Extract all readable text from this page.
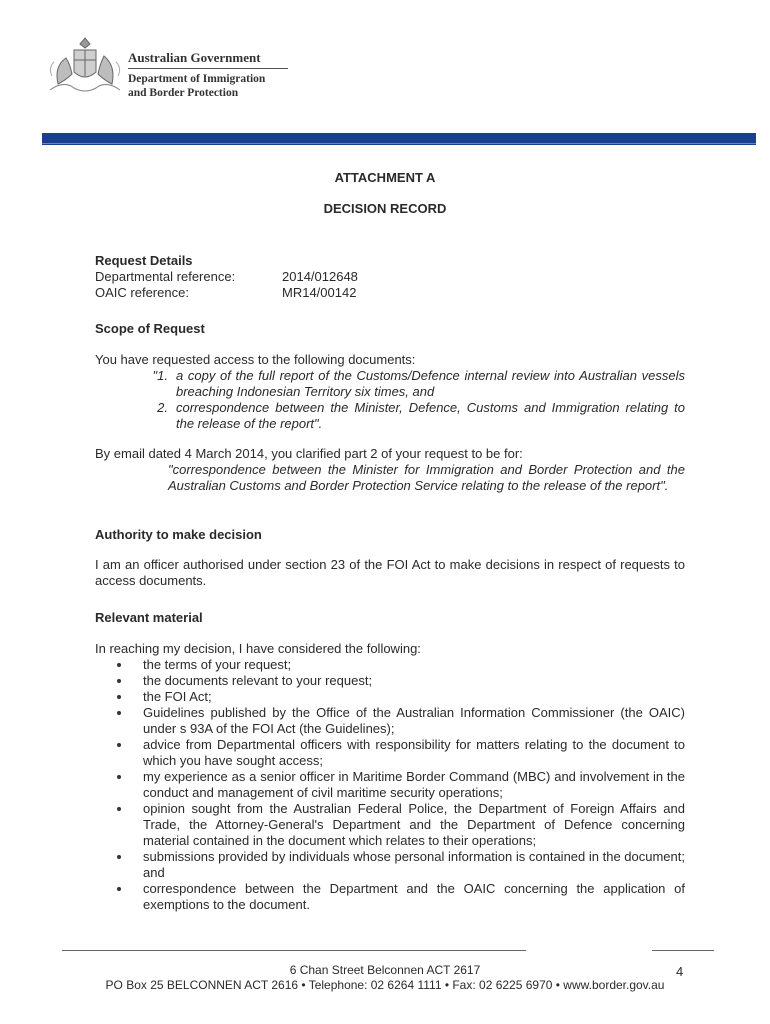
Australian Government
Department of Immigration
and Border Protection
ATTACHMENT A
DECISION RECORD
Request Details
Departmental reference:	2014/012648
OAIC reference:	MR14/00142
Scope of Request
You have requested access to the following documents:
"1. a copy of the full report of the Customs/Defence internal review into Australian vessels breaching Indonesian Territory six times, and
2. correspondence between the Minister, Defence, Customs and Immigration relating to the release of the report".
By email dated 4 March 2014, you clarified part 2 of your request to be for:
"correspondence between the Minister for Immigration and Border Protection and the Australian Customs and Border Protection Service relating to the release of the report".
Authority to make decision
I am an officer authorised under section 23 of the FOI Act to make decisions in respect of requests to access documents.
Relevant material
In reaching my decision, I have considered the following:
the terms of your request;
the documents relevant to your request;
the FOI Act;
Guidelines published by the Office of the Australian Information Commissioner (the OAIC) under s 93A of the FOI Act (the Guidelines);
advice from Departmental officers with responsibility for matters relating to the document to which you have sought access;
my experience as a senior officer in Maritime Border Command (MBC) and involvement in the conduct and management of civil maritime security operations;
opinion sought from the Australian Federal Police, the Department of Foreign Affairs and Trade, the Attorney-General's Department and the Department of Defence concerning material contained in the document which relates to their operations;
submissions provided by individuals whose personal information is contained in the document; and
correspondence between the Department and the OAIC concerning the application of exemptions to the document.
6 Chan Street Belconnen ACT 2617	4
PO Box 25 BELCONNEN ACT 2616 • Telephone: 02 6264 1111 • Fax: 02 6225 6970 • www.border.gov.au
